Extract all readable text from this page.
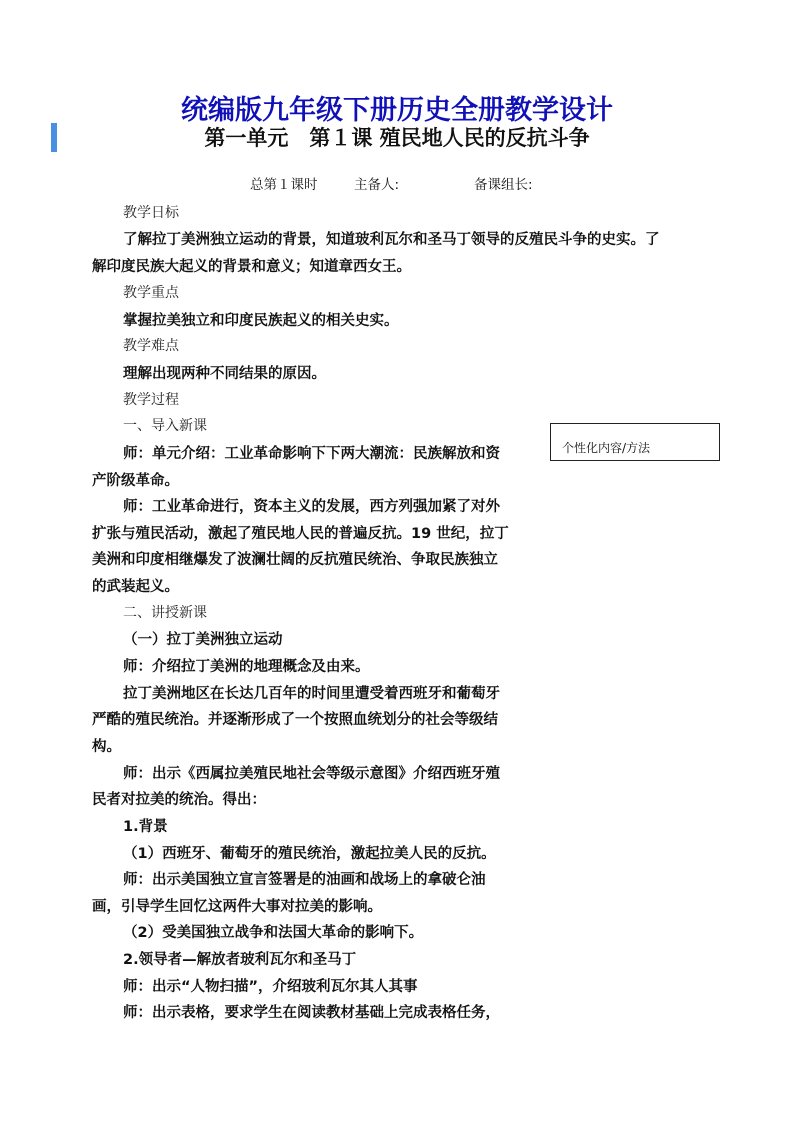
统编版九年级下册历史全册教学设计
第一单元　第１课 殖民地人民的反抗斗争
总第１课时	主备人:	备课组长:
个性化内容/方法
教学日标
了解拉丁美洲独立运动的背景，知道玻利瓦尔和圣马丁领导的反殖民斗争的史实。了
解印度民族大起义的背景和意义；知道章西女王。
教学重点
掌握拉美独立和印度民族起义的相关史实。
教学难点
理解出现两种不同结果的原因。
教学过程
一、导入新课
师：单元介绍：工业革命影响下下两大潮流：民族解放和资
产阶级革命。
师：工业革命进行，资本主义的发展，西方列强加紧了对外
扩张与殖民活动，激起了殖民地人民的普遍反抗。19 世纪，拉丁
美洲和印度相继爆发了波澜壮阔的反抗殖民统治、争取民族独立
的武装起义。
二、讲授新课
（一）拉丁美洲独立运动
师：介绍拉丁美洲的地理概念及由来。
拉丁美洲地区在长达几百年的时间里遭受着西班牙和葡萄牙
严酷的殖民统治。并逐渐形成了一个按照血统划分的社会等级结
构。
师：出示《西属拉美殖民地社会等级示意图》介绍西班牙殖
民者对拉美的统治。得出：
1.背景
（1）西班牙、葡萄牙的殖民统治，激起拉美人民的反抗。
师：出示美国独立宣言签署是的油画和战场上的拿破仑油
画，引导学生回忆这两件大事对拉美的影响。
（2）受美国独立战争和法国大革命的影响下。
2.领导者—解放者玻利瓦尔和圣马丁
师：出示“人物扫描”，介绍玻利瓦尔其人其事
师：出示表格，要求学生在阅读教材基础上完成表格任务，
